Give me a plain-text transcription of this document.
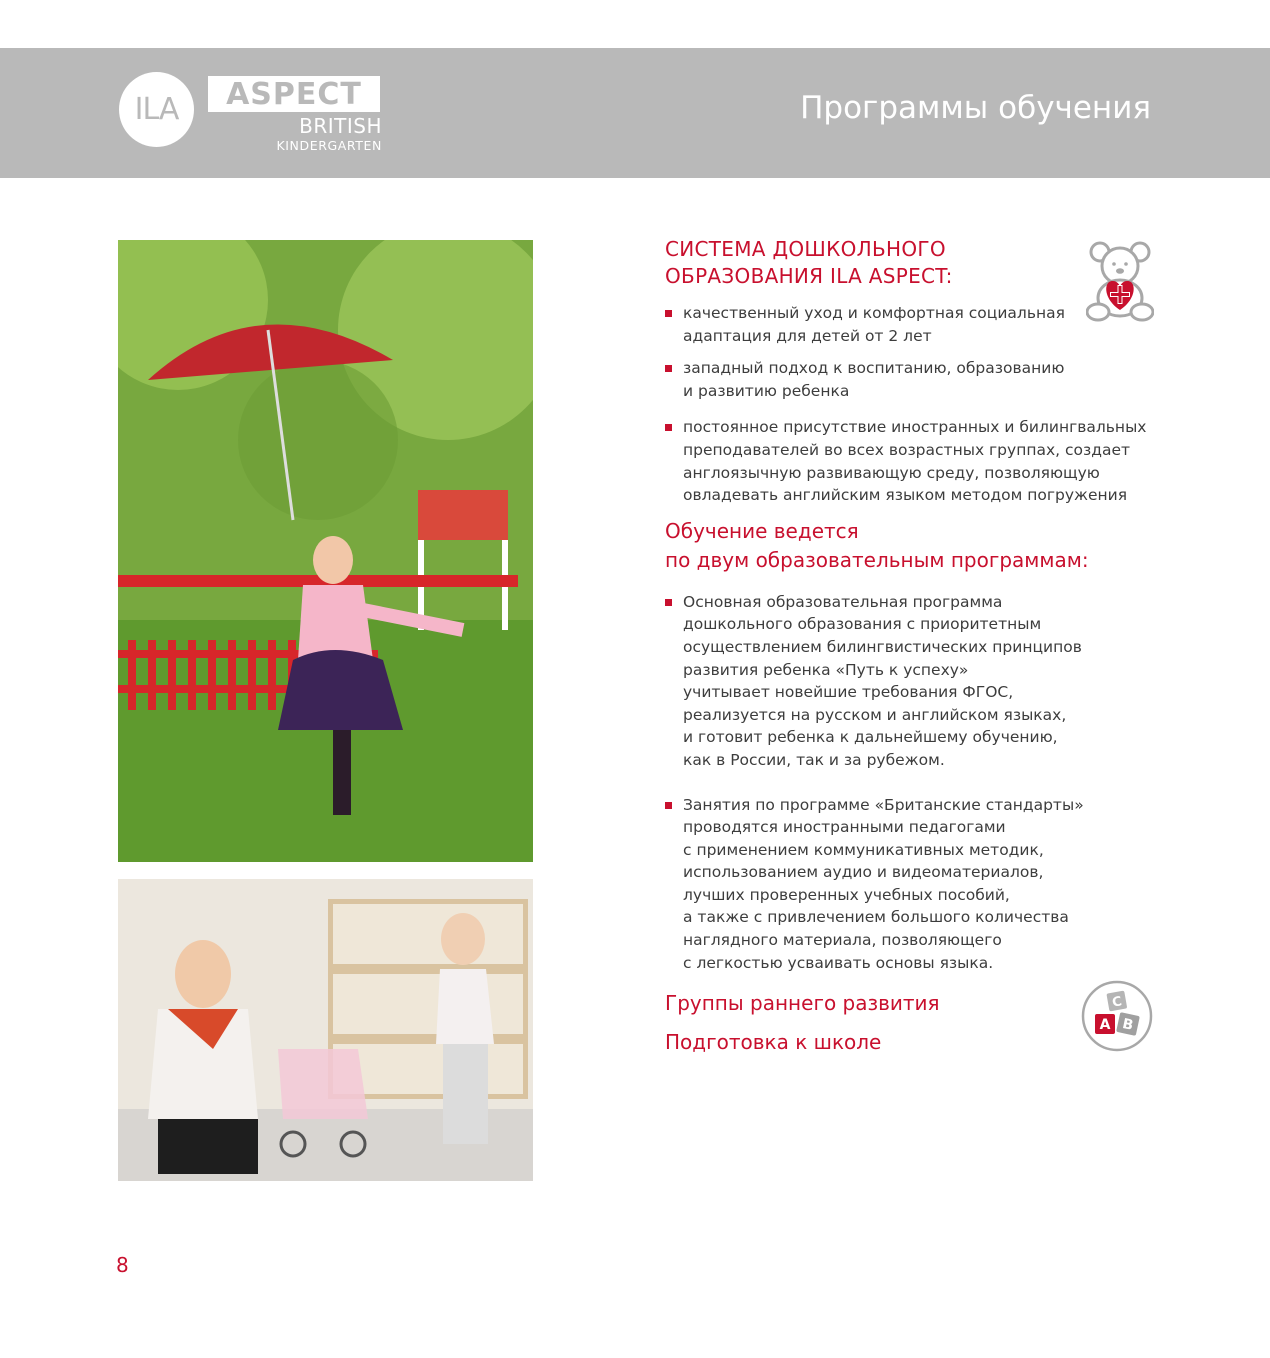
ILA ASPECT
BRITISH
KINDERGARTEN
Программы обучения

СИСТЕМА ДОШКОЛЬНОГО
ОБРАЗОВАНИЯ ILA ASPECT:

качественный уход и комфортная социальная
адаптация для детей от 2 лет
западный подход к воспитанию, образованию
и развитию ребенка
постоянное присутствие иностранных и билингвальных
преподавателей во всех возрастных группах, создает
англоязычную развивающую среду, позволяющую
овладевать английским языком методом погружения

Обучение ведется
по двум образовательным программам:

Основная образовательная программа
дошкольного образования с приоритетным
осуществлением билингвистических принципов
развития ребенка «Путь к успеху»
учитывает новейшие требования ФГОС,
реализуется на русском и английском языках,
и готовит ребенка к дальнейшему обучению,
как в России, так и за рубежом.
Занятия по программе «Британские стандарты»
проводятся иностранными педагогами
с применением коммуникативных методик,
использованием аудио и видеоматериалов,
лучших проверенных учебных пособий,
а также с привлечением большого количества
наглядного материала, позволяющего
с легкостью усваивать основы языка.

Группы раннего развития

Подготовка к школе

C
A B
8
